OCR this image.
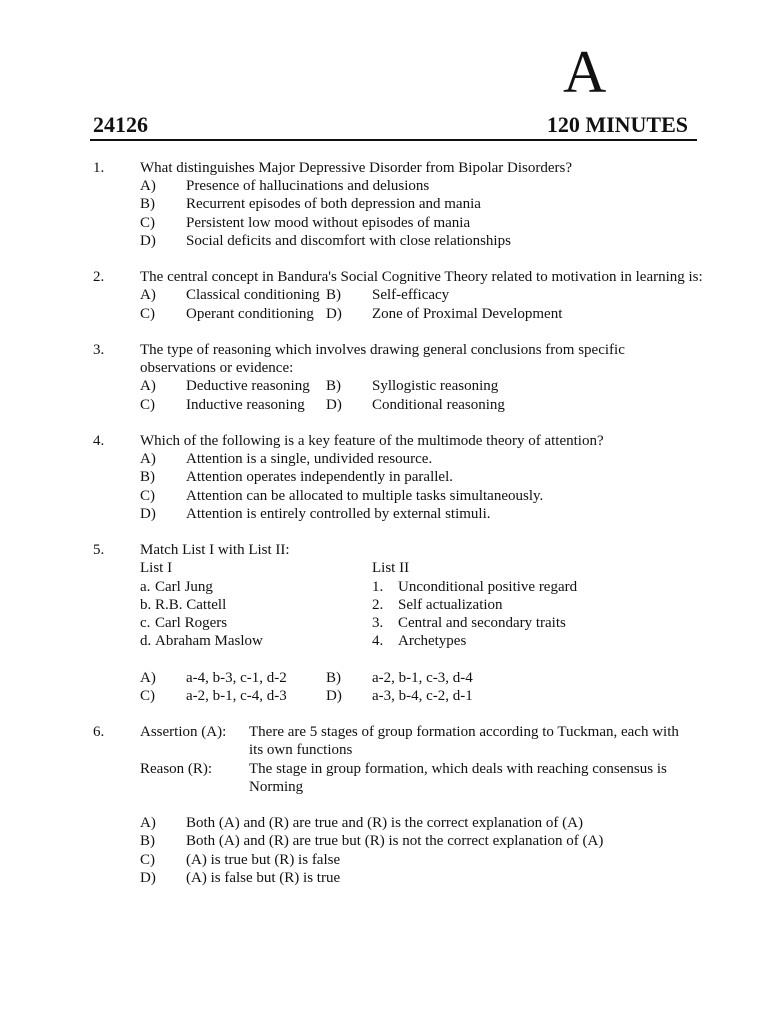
A
24126	120 MINUTES
1. What distinguishes Major Depressive Disorder from Bipolar Disorders?
A)	Presence of hallucinations and delusions
B)	Recurrent episodes of both depression and mania
C)	Persistent low mood without episodes of mania
D)	Social deficits and discomfort with close relationships
2. The central concept in Bandura's Social Cognitive Theory related to motivation in learning is:
A)	Classical conditioning B)	Self-efficacy
C)	Operant conditioning D)	Zone of Proximal Development
3. The type of reasoning which involves drawing general conclusions from specific observations or evidence:
A)	Deductive reasoning B)	Syllogistic reasoning
C)	Inductive reasoning D)	Conditional reasoning
4. Which of the following is a key feature of the multimode theory of attention?
A)	Attention is a single, undivided resource.
B)	Attention operates independently in parallel.
C)	Attention can be allocated to multiple tasks simultaneously.
D)	Attention is entirely controlled by external stimuli.
5. Match List I with List II:
List I	List II
a. Carl Jung	1. Unconditional positive regard
b. R.B. Cattell	2. Self actualization
c. Carl Rogers	3. Central and secondary traits
d. Abraham Maslow	4. Archetypes
A)	a-4, b-3, c-1, d-2	B)	a-2, b-1, c-3, d-4
C)	a-2, b-1, c-4, d-3	D)	a-3, b-4, c-2, d-1
6. Assertion (A):	There are 5 stages of group formation according to Tuckman, each with its own functions
Reason (R):	The stage in group formation, which deals with reaching consensus is Norming
A)	Both (A) and (R) are true and (R) is the correct explanation of (A)
B)	Both (A) and (R) are true but (R) is not the correct explanation of (A)
C)	(A) is true but (R) is false
D)	(A) is false but (R) is true
